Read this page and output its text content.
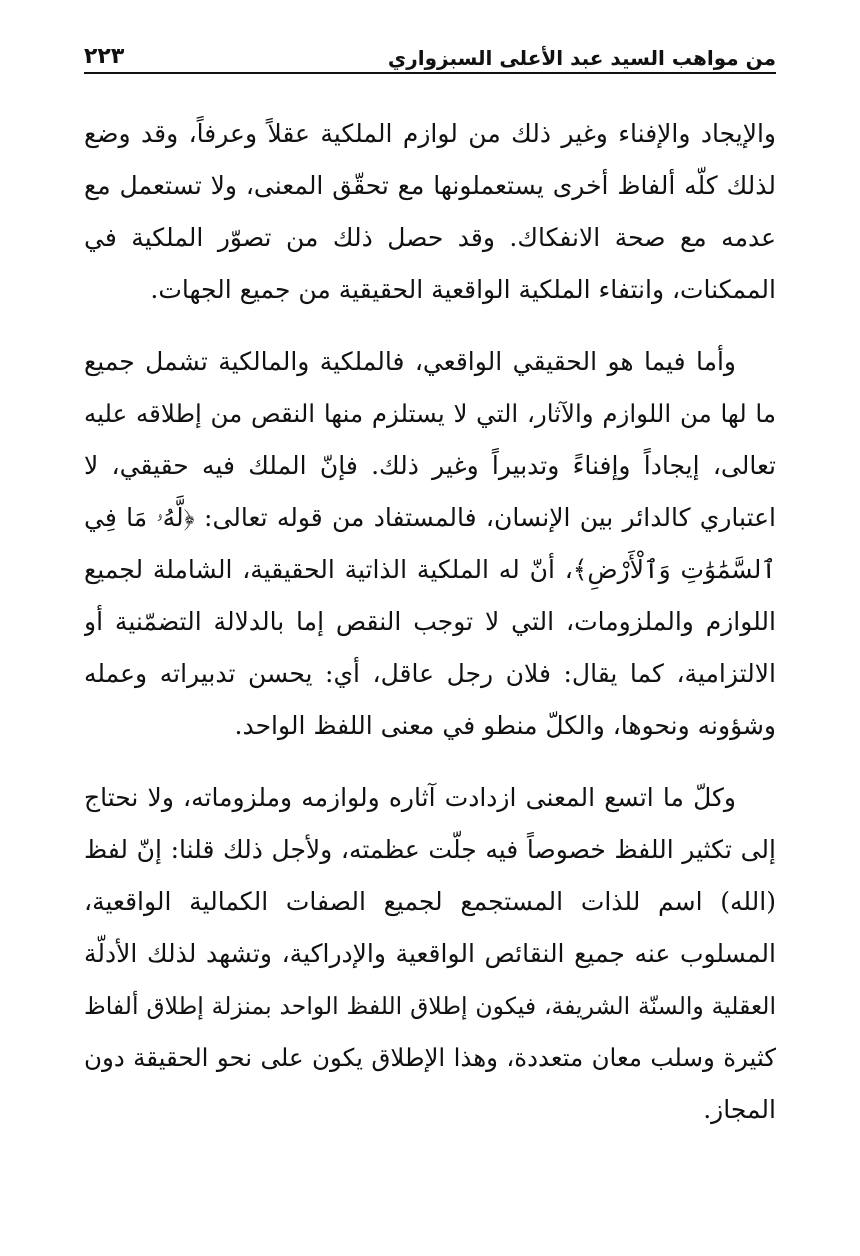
من مواهب السيد عبد الأعلى السبزواري
٢٢٣
والإيجاد والإفناء وغير ذلك من لوازم الملكية عقلاً وعرفاً، وقد وضع
لذلك كلّه ألفاظ أخرى يستعملونها مع تحقّق المعنى، ولا تستعمل مع
عدمه مع صحة الانفكاك. وقد حصل ذلك من تصوّر الملكية في
الممكنات، وانتفاء الملكية الواقعية الحقيقية من جميع الجهات.
وأما فيما هو الحقيقي الواقعي، فالملكية والمالكية تشمل جميع
ما لها من اللوازم والآثار، التي لا يستلزم منها النقص من إطلاقه عليه
تعالى، إيجاداً وإفناءً وتدبيراً وغير ذلك. فإنّ الملك فيه حقيقي، لا
اعتباري كالدائر بين الإنسان، فالمستفاد من قوله تعالى: ﴿لَّهُۥ مَا فِي
ٱلسَّمَٰوَٰتِ وَٱلْأَرْضِ﴾، أنّ له الملكية الذاتية الحقيقية، الشاملة لجميع
اللوازم والملزومات، التي لا توجب النقص إما بالدلالة التضمّنية أو
الالتزامية، كما يقال: فلان رجل عاقل، أي: يحسن تدبيراته وعمله
وشؤونه ونحوها، والكلّ منطو في معنى اللفظ الواحد.
وكلّ ما اتسع المعنى ازدادت آثاره ولوازمه وملزوماته، ولا نحتاج
إلى تكثير اللفظ خصوصاً فيه جلّت عظمته، ولأجل ذلك قلنا: إنّ لفظ
(الله) اسم للذات المستجمع لجميع الصفات الكمالية الواقعية،
المسلوب عنه جميع النقائص الواقعية والإدراكية، وتشهد لذلك الأدلّة
العقلية والسنّة الشريفة، فيكون إطلاق اللفظ الواحد بمنزلة إطلاق ألفاظ
كثيرة وسلب معان متعددة، وهذا الإطلاق يكون على نحو الحقيقة دون
المجاز.
